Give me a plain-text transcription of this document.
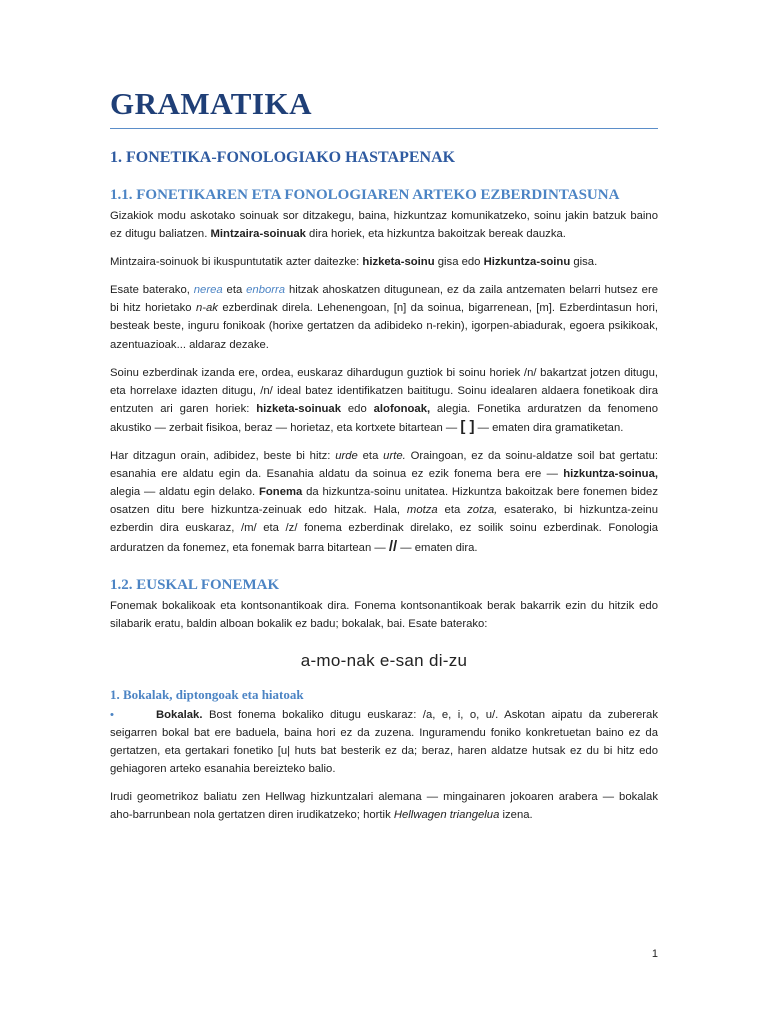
GRAMATIKA
1. FONETIKA-FONOLOGIAKO HASTAPENAK
1.1. FONETIKAREN ETA FONOLOGIAREN ARTEKO EZBERDINTASUNA

Gizakiok modu askotako soinuak sor ditzakegu, baina, hizkuntzaz komunikatzeko, soinu jakin batzuk baino ez ditugu baliatzen. Mintzaira-soinuak dira horiek, eta hizkuntza bakoitzak bereak dauzka.

Mintzaira-soinuok bi ikuspuntutatik azter daitezke: hizketa-soinu gisa edo Hizkuntza-soinu gisa.

Esate baterako, nerea eta enborra hitzak ahoskatzen ditugunean, ez da zaila antzematen belarri hutsez ere bi hitz horietako n-ak ezberdinak direla. Lehenengoan, [n] da soinua, bigarrenean, [m]. Ezberdintasun hori, besteak beste, inguru fonikoak (horixe gertatzen da adibideko n-rekin), igorpen-abiadurak, egoera psikikoak, azentuazioak... aldaraz dezake.

Soinu ezberdinak izanda ere, ordea, euskaraz dihardugun guztiok bi soinu horiek /n/ bakartzat jotzen ditugu, eta horrelaxe idazten ditugu, /n/ ideal batez identifikatzen baititugu. Soinu idealaren aldaera fonetikoak dira entzuten ari garen horiek: hizketa-soinuak edo alofonoak, alegia. Fonetika arduratzen da fenomeno akustiko — zerbait fisikoa, beraz — horietaz, eta kortxete bitartean — [ ] — ematen dira gramatiketan.

Har ditzagun orain, adibidez, beste bi hitz: urde eta urte. Oraingoan, ez da soinu-aldatze soil bat gertatu: esanahia ere aldatu egin da. Esanahia aldatu da soinua ez ezik fonema bera ere — hizkuntza-soinua, alegia — aldatu egin delako. Fonema da hizkuntza-soinu unitatea. Hizkuntza bakoitzak bere fonemen bidez osatzen ditu bere hizkuntza-zeinuak edo hitzak. Hala, motza eta zotza, esaterako, bi hizkuntza-zeinu ezberdin dira euskaraz, /m/ eta /z/ fonema ezberdinak direlako, ez soilik soinu ezberdinak. Fonologia arduratzen da fonemez, eta fonemak barra bitartean — // — ematen dira.

1.2. EUSKAL FONEMAK

Fonemak bokalikoak eta kontsonantikoak dira. Fonema kontsonantikoak berak bakarrik ezin du hitzik edo silabarik eratu, baldin alboan bokalik ez badu; bokalak, bai. Esate baterako:

a-mo-nak e-san di-zu
1. Bokalak, diptongoak eta hiatoak

•	Bokalak. Bost fonema bokaliko ditugu euskaraz: /a, e, i, o, u/. Askotan aipatu da zubererak seigarren bokal bat ere baduela, baina hori ez da zuzena. Inguramendu foniko konkretuetan baino ez da gertatzen, eta gertakari fonetiko [u| huts bat besterik ez da; beraz, haren aldatze hutsak ez du bi hitz edo gehiagoren arteko esanahia bereizteko balio.

Irudi geometrikoz baliatu zen Hellwag hizkuntzalari alemana — mingainaren jokoaren arabera — bokalak aho-barrunbean nola gertatzen diren irudikatzeko; hortik Hellwagen triangelua izena.

1
